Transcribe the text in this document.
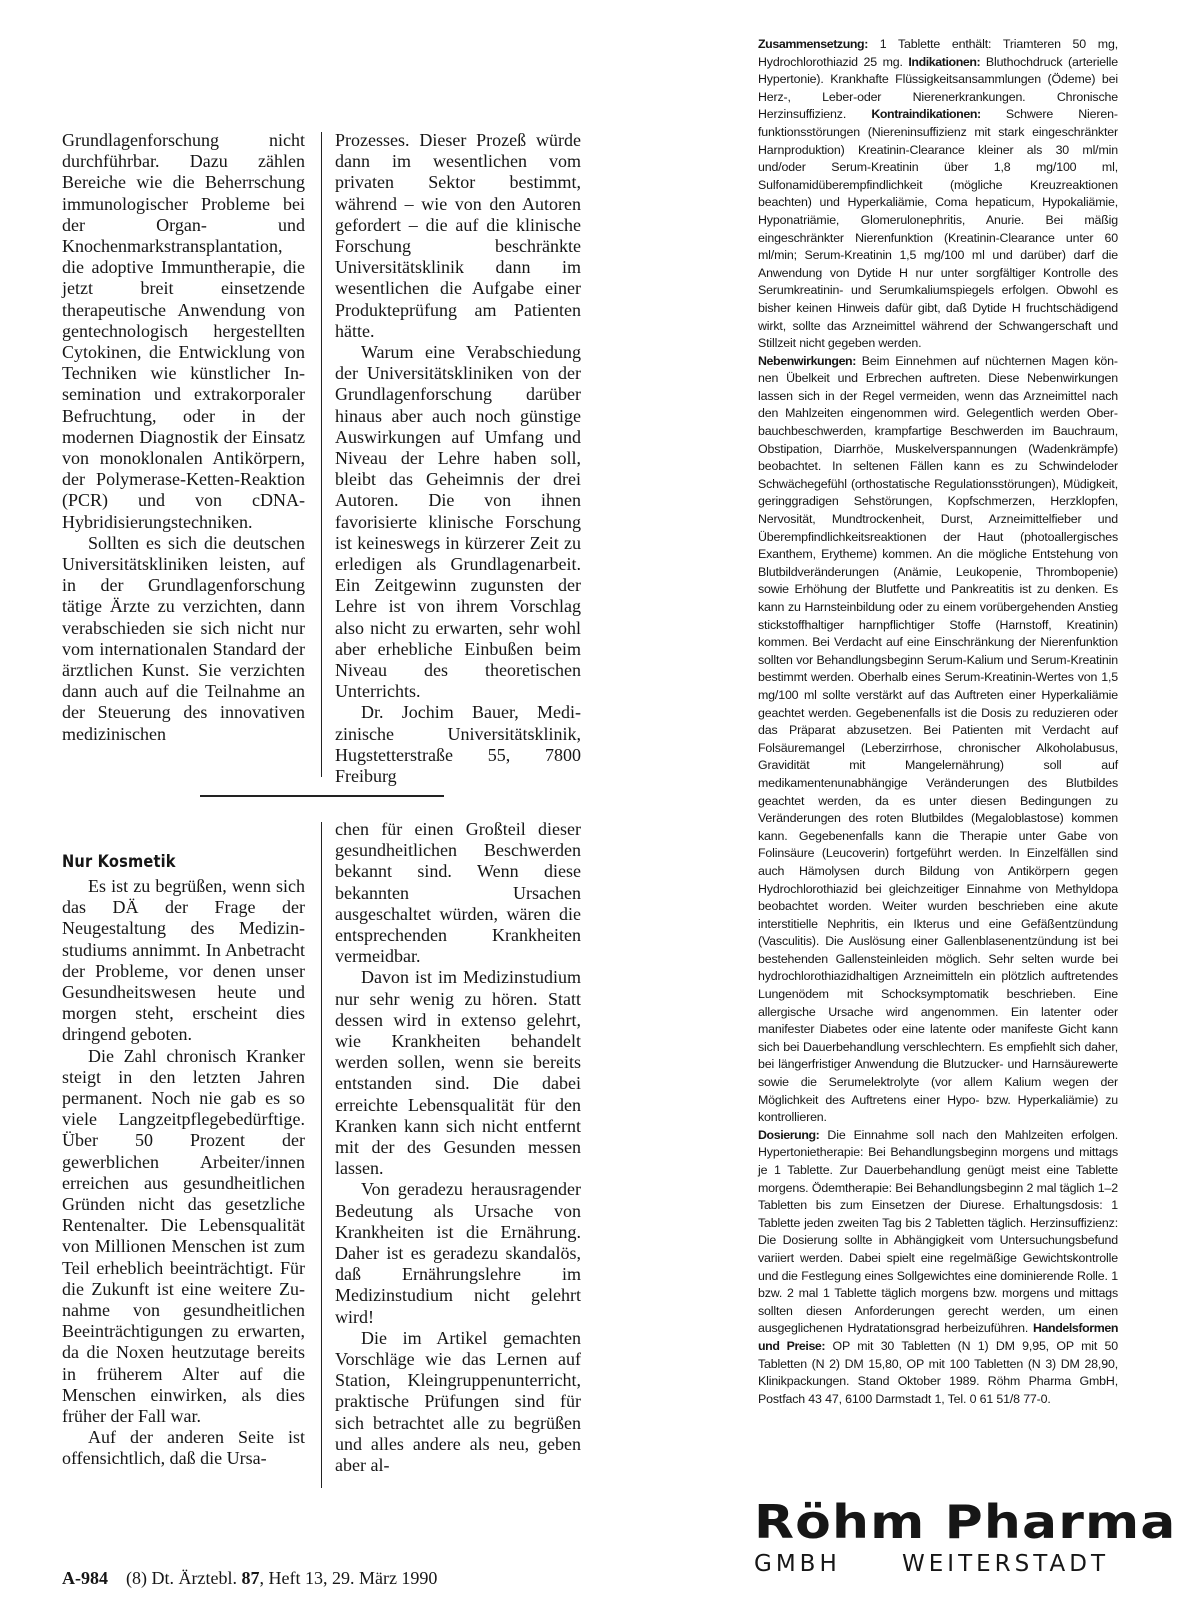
Grundlagenforschung nicht durchführbar. Dazu zählen Bereiche wie die Beherrschung immunologischer Probleme bei der Organ- und Knochenmarkstransplantation, die adoptive Immuntherapie, die jetzt breit einsetzende therapeutische Anwendung von gentechnologisch hergestellten Cytokinen, die Entwicklung von Techniken wie künstlicher Insemination und extrakorporaler Befruchtung, oder in der modernen Diagnostik der Einsatz von monoklonalen Antikörpern, der Polymerase-Ketten-Reaktion (PCR) und von cDNA-Hybridisierungstechniken.

Sollten es sich die deutschen Universitätskliniken leisten, auf in der Grundlagenforschung tätige Ärzte zu verzichten, dann verabschieden sie sich nicht nur vom internationalen Standard der ärztlichen Kunst. Sie verzichten dann auch auf die Teilnahme an der Steuerung des innovativen medizinischen

Prozesses. Dieser Prozeß würde dann im wesentlichen vom privaten Sektor bestimmt, während – wie von den Autoren gefordert – die auf die klinische Forschung beschränkte Universitätsklinik dann im wesentlichen die Aufgabe einer Produkteprüfung am Patienten hätte.

Warum eine Verabschiedung der Universitätskliniken von der Grundlagenforschung darüber hinaus aber auch noch günstige Auswirkungen auf Umfang und Niveau der Lehre haben soll, bleibt das Geheimnis der drei Autoren. Die von ihnen favorisierte klinische Forschung ist keineswegs in kürzerer Zeit zu erledigen als Grundlagenarbeit. Ein Zeitgewinn zugunsten der Lehre ist von ihrem Vorschlag also nicht zu erwarten, sehr wohl aber erhebliche Einbußen beim Niveau des theoretischen Unterrichts.

Dr. Jochim Bauer, Medizinische Universitätsklinik, Hugstetterstraße 55, 7800 Freiburg

Nur Kosmetik

Es ist zu begrüßen, wenn sich das DÄ der Frage der Neugestaltung des Medizinstudiums annimmt. In Anbetracht der Probleme, vor denen unser Gesundheitswesen heute und morgen steht, erscheint dies dringend geboten.

Die Zahl chronisch Kranker steigt in den letzten Jahren permanent. Noch nie gab es so viele Langzeitpflegebedürftige. Über 50 Prozent der gewerblichen Arbeiter/innen erreichen aus gesundheitlichen Gründen nicht das gesetzliche Rentenalter. Die Lebensqualität von Millionen Menschen ist zum Teil erheblich beeinträchtigt. Für die Zukunft ist eine weitere Zunahme von gesundheitlichen Beeinträchtigungen zu erwarten, da die Noxen heutzutage bereits in früherem Alter auf die Menschen einwirken, als dies früher der Fall war.

Auf der anderen Seite ist offensichtlich, daß die Ursa-

chen für einen Großteil dieser gesundheitlichen Beschwerden bekannt sind. Wenn diese bekannten Ursachen ausgeschaltet würden, wären die entsprechenden Krankheiten vermeidbar.

Davon ist im Medizinstudium nur sehr wenig zu hören. Statt dessen wird in extenso gelehrt, wie Krankheiten behandelt werden sollen, wenn sie bereits entstanden sind. Die dabei erreichte Lebensqualität für den Kranken kann sich nicht entfernt mit der des Gesunden messen lassen.

Von geradezu herausragender Bedeutung als Ursache von Krankheiten ist die Ernährung. Daher ist es geradezu skandalös, daß Ernährungslehre im Medizinstudium nicht gelehrt wird!

Die im Artikel gemachten Vorschläge wie das Lernen auf Station, Kleingruppenunterricht, praktische Prüfungen sind für sich betrachtet alle zu begrüßen und alles andere als neu, geben aber al-

Zusammensetzung: 1 Tablette enthält: Triamteren 50 mg, Hydrochlorothiazid 25 mg. Indikationen: Bluthochdruck (arterielle Hypertonie). Krankhafte Flüssigkeitsansammlungen (Ödeme) bei Herz-, Leber-oder Nierenerkrankungen. Chronische Herzinsuffizienz. Kontraindikationen: Schwere Nierenfunktionsstörungen (Niereninsuffizienz mit stark eingeschränkter Harnproduktion) Kreatinin-Clearance kleiner als 30 ml/min und/oder Serum-Kreatinin über 1,8 mg/100 ml, Sulfonamidüberempfindlichkeit (mögliche Kreuzreaktionen beachten) und Hyperkaliämie, Coma hepaticum, Hypokaliämie, Hyponatriämie, Glomerulonephritis, Anurie. Bei mäßig eingeschränkter Nierenfunktion (Kreatinin-Clearance unter 60 ml/min; Serum-Kreatinin 1,5 mg/100 ml und darüber) darf die Anwendung von Dytide H nur unter sorgfältiger Kontrolle des Serumkreatinin- und Serumkaliumspiegels erfolgen. Obwohl es bisher keinen Hinweis dafür gibt, daß Dytide H fruchtschädigend wirkt, sollte das Arzneimittel während der Schwangerschaft und Stillzeit nicht gegeben werden.

Nebenwirkungen: Beim Einnehmen auf nüchternen Magen können Übelkeit und Erbrechen auftreten. Diese Nebenwirkungen lassen sich in der Regel vermeiden, wenn das Arzneimittel nach den Mahlzeiten eingenommen wird. Gelegentlich werden Oberbauchbeschwerden, krampfartige Beschwerden im Bauchraum, Obstipation, Diarrhöe, Muskelverspannungen (Wadenkrämpfe) beobachtet. In seltenen Fällen kann es zu Schwindeloder Schwächegefühl (orthostatische Regulationsstörungen), Müdigkeit, geringgradigen Sehstörungen, Kopfschmerzen, Herzklopfen, Nervosität, Mundtrockenheit, Durst, Arzneimittelfieber und Überempfindlichkeitsreaktionen der Haut (photoallergisches Exanthem, Erytheme) kommen. An die mögliche Entstehung von Blutbildveränderungen (Anämie, Leukopenie, Thrombopenie) sowie Erhöhung der Blutfette und Pankreatitis ist zu denken. Es kann zu Harnsteinbildung oder zu einem vorübergehenden Anstieg stickstoffhaltiger harnpflichtiger Stoffe (Harnstoff, Kreatinin) kommen. Bei Verdacht auf eine Einschränkung der Nierenfunktion sollten vor Behandlungsbeginn Serum-Kalium und Serum-Kreatinin bestimmt werden. Oberhalb eines Serum-Kreatinin-Wertes von 1,5 mg/100 ml sollte verstärkt auf das Auftreten einer Hyperkaliämie geachtet werden. Gegebenenfalls ist die Dosis zu reduzieren oder das Präparat abzusetzen. Bei Patienten mit Verdacht auf Folsäuremangel (Leberzirrhose, chronischer Alkoholabusus, Gravidität mit Mangelernährung) soll auf medikamentenunabhängige Veränderungen des Blutbildes geachtet werden, da es unter diesen Bedingungen zu Veränderungen des roten Blutbildes (Megaloblastose) kommen kann. Gegebenenfalls kann die Therapie unter Gabe von Folinsäure (Leucoverin) fortgeführt werden. In Einzelfällen sind auch Hämolysen durch Bildung von Antikörpern gegen Hydrochlorothiazid bei gleichzeitiger Einnahme von Methyldopa beobachtet worden. Weiter wurden beschrieben eine akute interstitielle Nephritis, ein Ikterus und eine Gefäßentzündung (Vasculitis). Die Auslösung einer Gallenblasenentzündung ist bei bestehenden Gallensteinleiden möglich. Sehr selten wurde bei hydrochlorothiazidhaltigen Arzneimitteln ein plötzlich auftretendes Lungenödem mit Schocksymptomatik beschrieben. Eine allergische Ursache wird angenommen. Ein latenter oder manifester Diabetes oder eine latente oder manifeste Gicht kann sich bei Dauerbehandlung verschlechtern. Es empfiehlt sich daher, bei längerfristiger Anwendung die Blutzucker- und Harnsäurewerte sowie die Serumelektrolyte (vor allem Kalium wegen der Möglichkeit des Auftretens einer Hypo- bzw. Hyperkaliämie) zu kontrollieren.

Dosierung: Die Einnahme soll nach den Mahlzeiten erfolgen. Hypertonietherapie: Bei Behandlungsbeginn morgens und mittags je 1 Tablette. Zur Dauerbehandlung genügt meist eine Tablette morgens. Ödemtherapie: Bei Behandlungsbeginn 2 mal täglich 1–2 Tabletten bis zum Einsetzen der Diurese. Erhaltungsdosis: 1 Tablette jeden zweiten Tag bis 2 Tabletten täglich. Herzinsuffizienz: Die Dosierung sollte in Abhängigkeit vom Untersuchungsbefund variiert werden. Dabei spielt eine regelmäßige Gewichtskontrolle und die Festlegung eines Sollgewichtes eine dominierende Rolle. 1 bzw. 2 mal 1 Tablette täglich morgens bzw. morgens und mittags sollten diesen Anforderungen gerecht werden, um einen ausgeglichenen Hydratationsgrad herbeizuführen. Handelsformen und Preise: OP mit 30 Tabletten (N 1) DM 9,95, OP mit 50 Tabletten (N 2) DM 15,80, OP mit 100 Tabletten (N 3) DM 28,90, Klinikpackungen. Stand Oktober 1989. Röhm Pharma GmbH, Postfach 43 47, 6100 Darmstadt 1, Tel. 0 61 51/8 77-0.

Röhm Pharma
GMBH	WEITERSTADT
A-984 (8) Dt. Ärztebl. 87, Heft 13, 29. März 1990
